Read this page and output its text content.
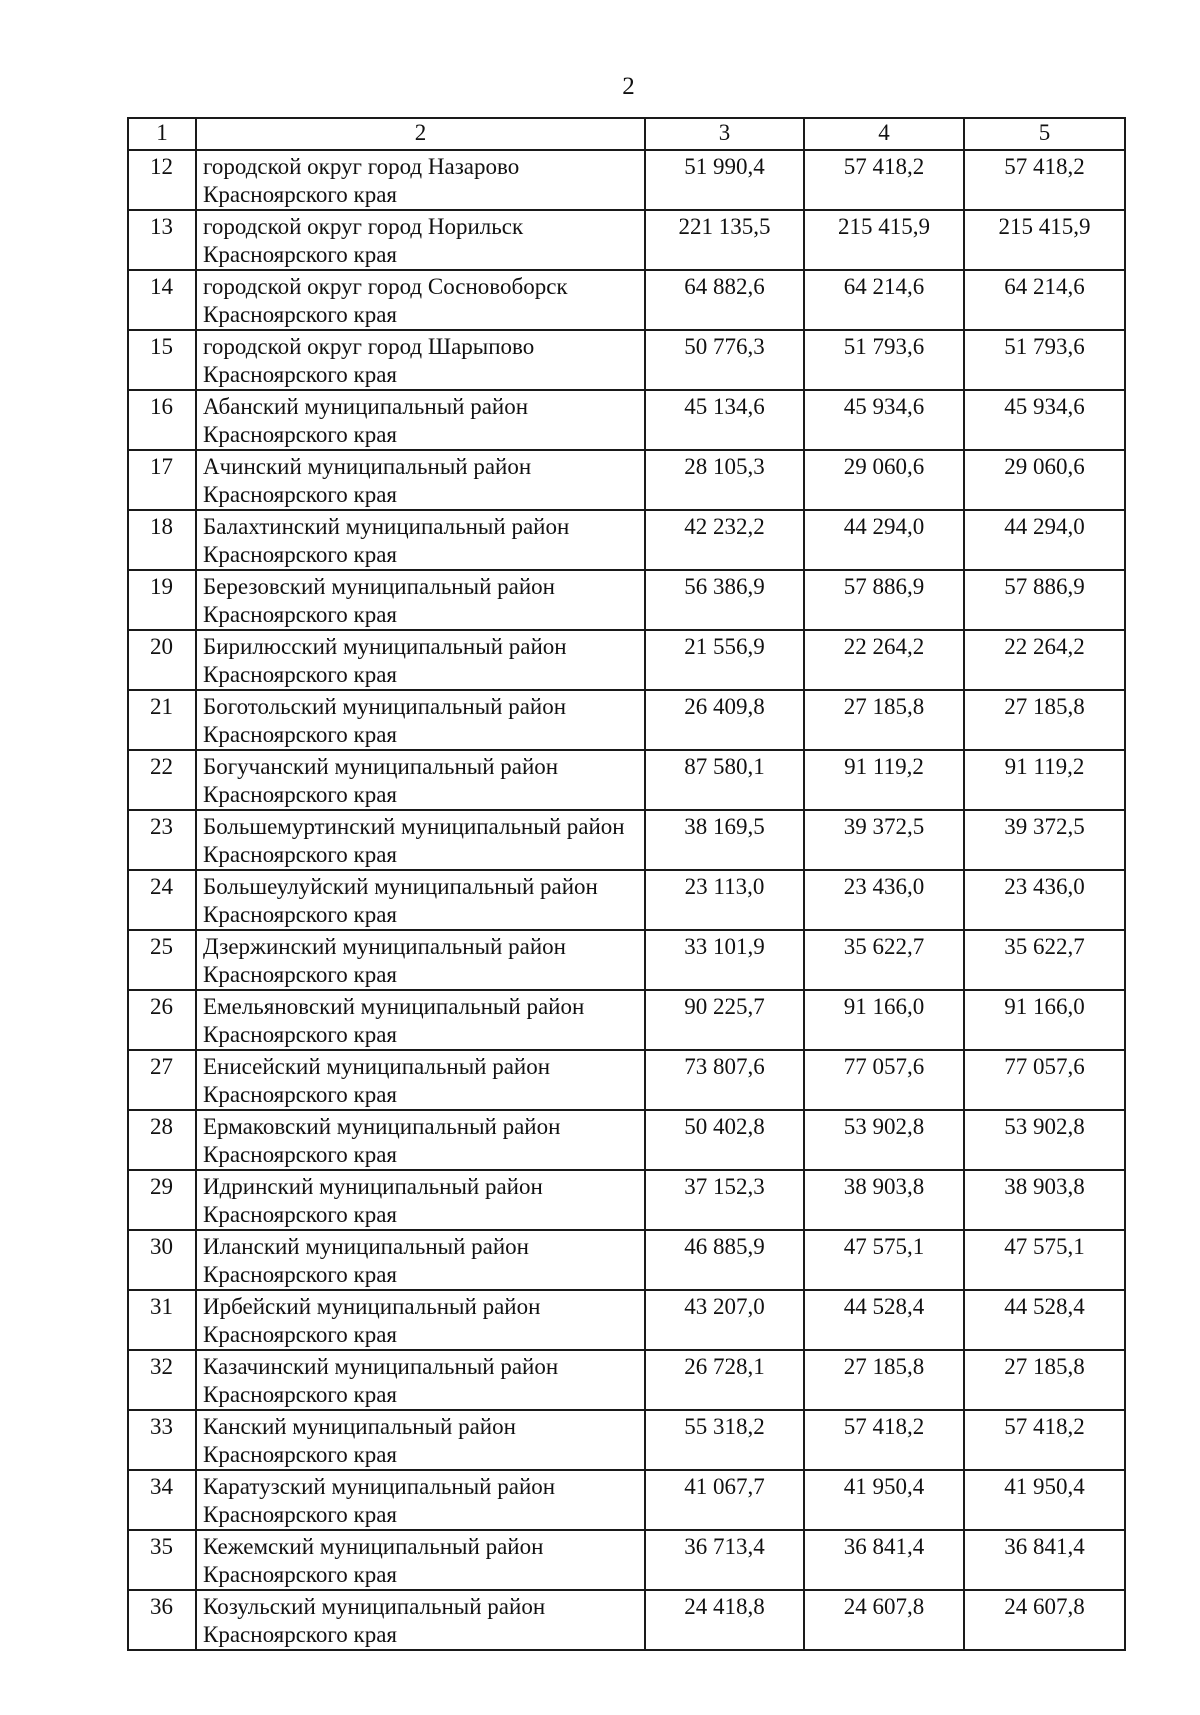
2
1	2	3	4	5
12	городской округ город Назарово Красноярского края	51 990,4	57 418,2	57 418,2
13	городской округ город Норильск Красноярского края	221 135,5	215 415,9	215 415,9
14	городской округ город Сосновоборск Красноярского края	64 882,6	64 214,6	64 214,6
15	городской округ город Шарыпово Красноярского края	50 776,3	51 793,6	51 793,6
16	Абанский муниципальный район Красноярского края	45 134,6	45 934,6	45 934,6
17	Ачинский муниципальный район Красноярского края	28 105,3	29 060,6	29 060,6
18	Балахтинский муниципальный район Красноярского края	42 232,2	44 294,0	44 294,0
19	Березовский муниципальный район Красноярского края	56 386,9	57 886,9	57 886,9
20	Бирилюсский муниципальный район Красноярского края	21 556,9	22 264,2	22 264,2
21	Боготольский муниципальный район Красноярского края	26 409,8	27 185,8	27 185,8
22	Богучанский муниципальный район Красноярского края	87 580,1	91 119,2	91 119,2
23	Большемуртинский муниципальный район Красноярского края	38 169,5	39 372,5	39 372,5
24	Большеулуйский муниципальный район Красноярского края	23 113,0	23 436,0	23 436,0
25	Дзержинский муниципальный район Красноярского края	33 101,9	35 622,7	35 622,7
26	Емельяновский муниципальный район Красноярского края	90 225,7	91 166,0	91 166,0
27	Енисейский муниципальный район Красноярского края	73 807,6	77 057,6	77 057,6
28	Ермаковский муниципальный район Красноярского края	50 402,8	53 902,8	53 902,8
29	Идринский муниципальный район Красноярского края	37 152,3	38 903,8	38 903,8
30	Иланский муниципальный район Красноярского края	46 885,9	47 575,1	47 575,1
31	Ирбейский муниципальный район Красноярского края	43 207,0	44 528,4	44 528,4
32	Казачинский муниципальный район Красноярского края	26 728,1	27 185,8	27 185,8
33	Канский муниципальный район Красноярского края	55 318,2	57 418,2	57 418,2
34	Каратузский муниципальный район Красноярского края	41 067,7	41 950,4	41 950,4
35	Кежемский муниципальный район Красноярского края	36 713,4	36 841,4	36 841,4
36	Козульский муниципальный район Красноярского края	24 418,8	24 607,8	24 607,8
